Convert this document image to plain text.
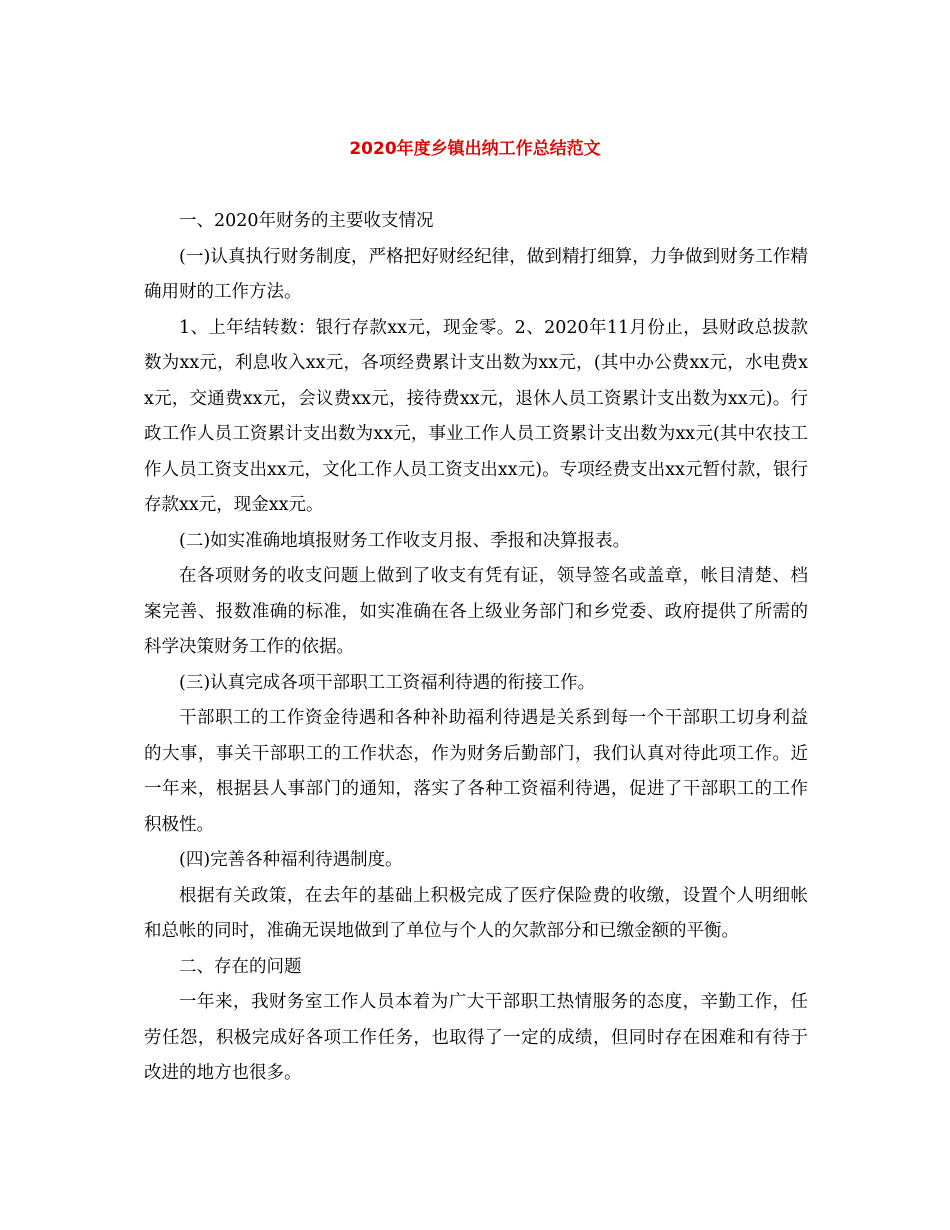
2020年度乡镇出纳工作总结范文

一、2020年财务的主要收支情况

(一)认真执行财务制度，严格把好财经纪律，做到精打细算，力争做到财务工作精确用财的工作方法。

1、上年结转数：银行存款xx元，现金零。2、2020年11月份止，县财政总拔款数为xx元，利息收入xx元，各项经费累计支出数为xx元，(其中办公费xx元，水电费xx元，交通费xx元，会议费xx元，接待费xx元，退休人员工资累计支出数为xx元)。行政工作人员工资累计支出数为xx元，事业工作人员工资累计支出数为xx元(其中农技工作人员工资支出xx元，文化工作人员工资支出xx元)。专项经费支出xx元暂付款，银行存款xx元，现金xx元。

(二)如实准确地填报财务工作收支月报、季报和决算报表。

在各项财务的收支问题上做到了收支有凭有证，领导签名或盖章，帐目清楚、档案完善、报数准确的标准，如实准确在各上级业务部门和乡党委、政府提供了所需的科学决策财务工作的依据。

(三)认真完成各项干部职工工资福利待遇的衔接工作。

干部职工的工作资金待遇和各种补助福利待遇是关系到每一个干部职工切身利益的大事，事关干部职工的工作状态，作为财务后勤部门，我们认真对待此项工作。近一年来，根据县人事部门的通知，落实了各种工资福利待遇，促进了干部职工的工作积极性。

(四)完善各种福利待遇制度。

根据有关政策，在去年的基础上积极完成了医疗保险费的收缴，设置个人明细帐和总帐的同时，准确无误地做到了单位与个人的欠款部分和已缴金额的平衡。

二、存在的问题

一年来，我财务室工作人员本着为广大干部职工热情服务的态度，辛勤工作，任劳任怨，积极完成好各项工作任务，也取得了一定的成绩，但同时存在困难和有待于改进的地方也很多。
